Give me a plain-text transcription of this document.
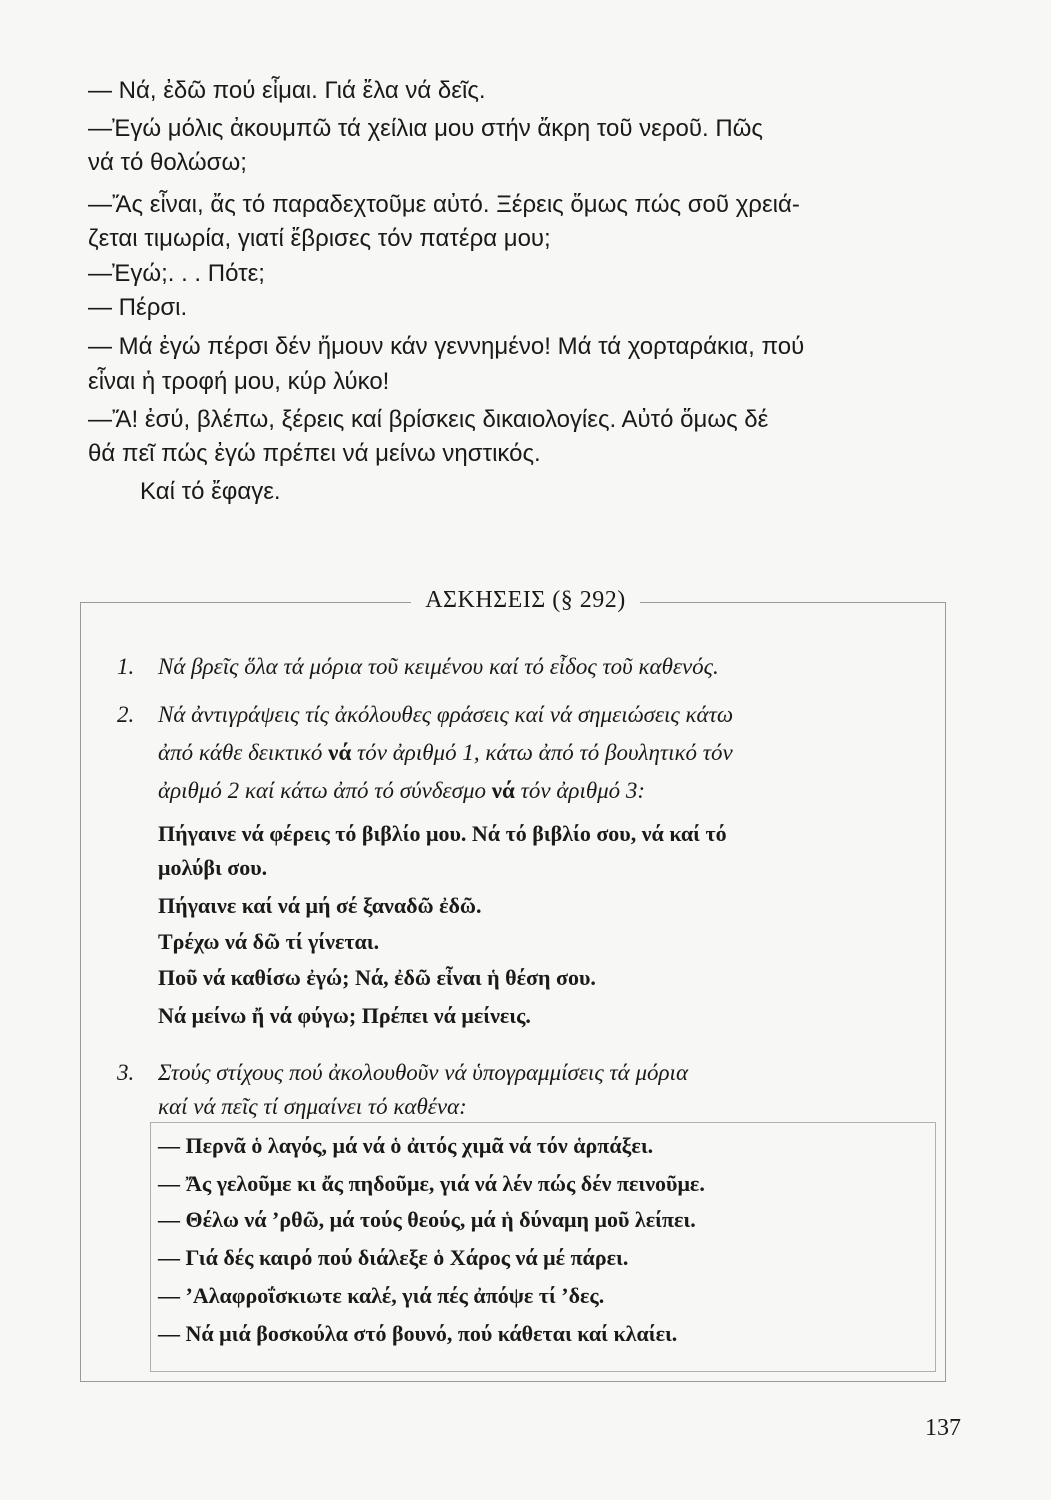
— Νά, ἐδῶ πού εἶμαι. Γιά ἔλα νά δεῖς.

—Ἐγώ μόλις ἀκουμπῶ τά χείλια μου στήν ἄκρη τοῦ νεροῦ. Πῶς

νά τό θολώσω;

—Ἄς εἶναι, ἄς τό παραδεχτοῦμε αὐτό. Ξέρεις ὅμως πώς σοῦ χρειά-

ζεται τιμωρία, γιατί ἔβρισες τόν πατέρα μου;

—Ἐγώ;. . . Πότε;

— Πέρσι.

— Μά ἐγώ πέρσι δέν ἤμουν κάν γεννημένο! Μά τά χορταράκια, πού

εἶναι ἡ τροφή μου, κύρ λύκο!

—Ἄ! ἐσύ, βλέπω, ξέρεις καί βρίσκεις δικαιολογίες. Αὐτό ὅμως δέ

θά πεῖ πώς ἐγώ πρέπει νά μείνω νηστικός.

Καί τό ἔφαγε.

ΑΣΚΗΣΕΙΣ (§ 292)
1. Νά βρεῖς ὅλα τά μόρια τοῦ κειμένου καί τό εἶδος τοῦ καθενός.
2. Νά ἀντιγράψεις τίς ἀκόλουθες φράσεις καί νά σημειώσεις κάτω
ἀπό κάθε δεικτικό νά τόν ἀριθμό 1, κάτω ἀπό τό βουλητικό τόν
ἀριθμό 2 καί κάτω ἀπό τό σύνδεσμο νά τόν ἀριθμό 3:
Πήγαινε νά φέρεις τό βιβλίο μου. Νά τό βιβλίο σου, νά καί τό
μολύβι σου.
Πήγαινε καί νά μή σέ ξαναδῶ ἐδῶ.
Τρέχω νά δῶ τί γίνεται.
Ποῦ νά καθίσω ἐγώ; Νά, ἐδῶ εἶναι ἡ θέση σου.
Νά μείνω ἤ νά φύγω; Πρέπει νά μείνεις.
3. Στούς στίχους πού ἀκολουθοῦν νά ὑπογραμμίσεις τά μόρια
καί νά πεῖς τί σημαίνει τό καθένα:
— Περνᾶ ὁ λαγός, μά νά ὁ ἀιτός χιμᾶ νά τόν ἁρπάξει.
— Ἄς γελοῦμε κι ἄς πηδοῦμε, γιά νά λέν πώς δέν πεινοῦμε.
— Θέλω νά ’ρθῶ, μά τούς θεούς, μά ἡ δύναμη μοῦ λείπει.
— Γιά δές καιρό πού διάλεξε ὁ Χάρος νά μέ πάρει.
— ’Αλαφροΐσκιωτε καλέ, γιά πές ἀπόψε τί ’δες.
— Νά μιά βοσκούλα στό βουνό, πού κάθεται καί κλαίει.
137
